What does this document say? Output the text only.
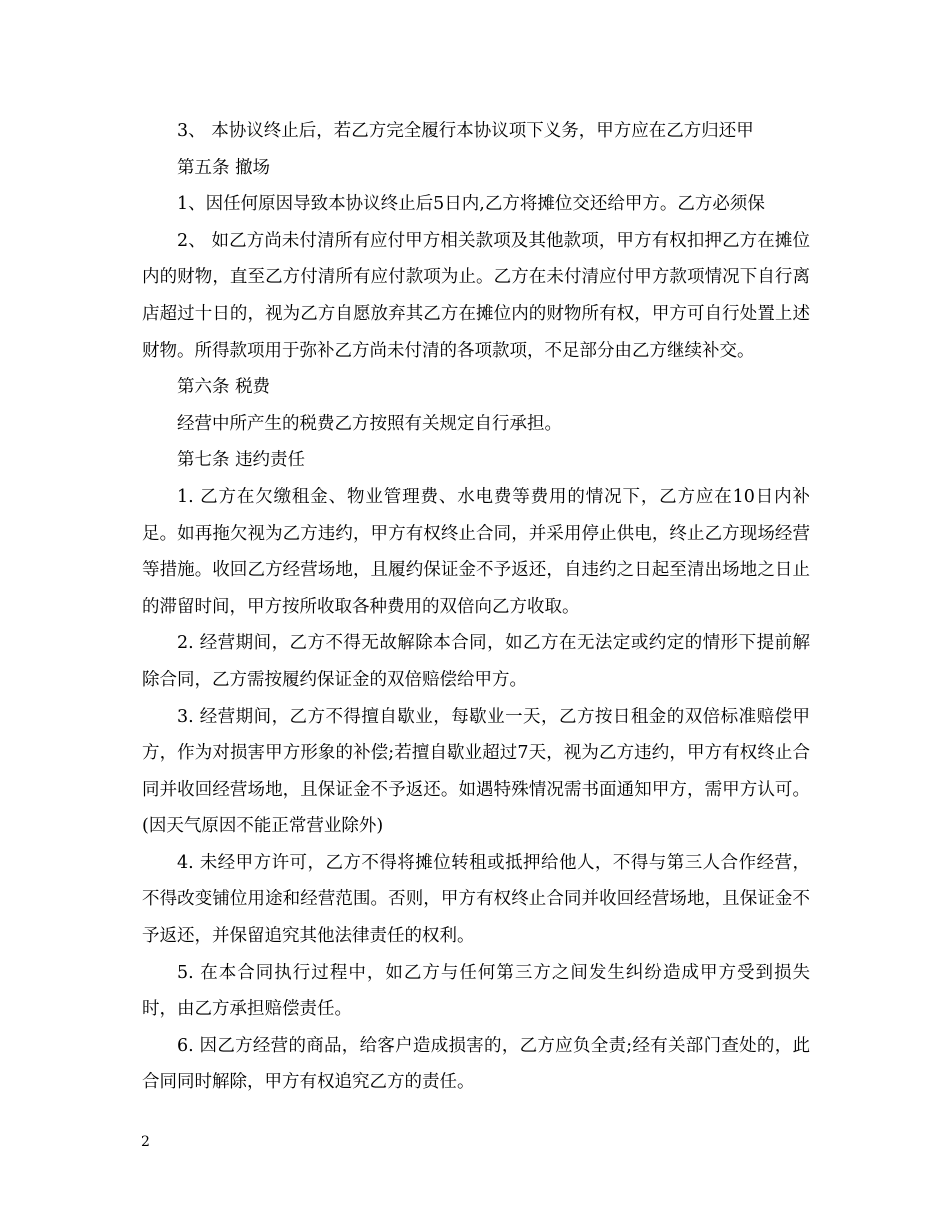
3、 本协议终止后，若乙方完全履行本协议项下义务，甲方应在乙方归还甲

第五条 撤场

1、因任何原因导致本协议终止后5日内,乙方将摊位交还给甲方。乙方必须保

2、 如乙方尚未付清所有应付甲方相关款项及其他款项，甲方有权扣押乙方在摊位内的财物，直至乙方付清所有应付款项为止。乙方在未付清应付甲方款项情况下自行离店超过十日的，视为乙方自愿放弃其乙方在摊位内的财物所有权，甲方可自行处置上述财物。所得款项用于弥补乙方尚未付清的各项款项，不足部分由乙方继续补交。

第六条 税费

经营中所产生的税费乙方按照有关规定自行承担。

第七条 违约责任

1. 乙方在欠缴租金、物业管理费、水电费等费用的情况下，乙方应在10日内补足。如再拖欠视为乙方违约，甲方有权终止合同，并采用停止供电，终止乙方现场经营等措施。收回乙方经营场地，且履约保证金不予返还，自违约之日起至清出场地之日止的滞留时间，甲方按所收取各种费用的双倍向乙方收取。

2. 经营期间，乙方不得无故解除本合同，如乙方在无法定或约定的情形下提前解除合同，乙方需按履约保证金的双倍赔偿给甲方。

3. 经营期间，乙方不得擅自歇业，每歇业一天，乙方按日租金的双倍标准赔偿甲方，作为对损害甲方形象的补偿;若擅自歇业超过7天，视为乙方违约，甲方有权终止合同并收回经营场地，且保证金不予返还。如遇特殊情况需书面通知甲方，需甲方认可。(因天气原因不能正常营业除外)

4. 未经甲方许可，乙方不得将摊位转租或抵押给他人，不得与第三人合作经营，不得改变铺位用途和经营范围。否则，甲方有权终止合同并收回经营场地，且保证金不予返还，并保留追究其他法律责任的权利。

5. 在本合同执行过程中，如乙方与任何第三方之间发生纠纷造成甲方受到损失时，由乙方承担赔偿责任。

6. 因乙方经营的商品，给客户造成损害的，乙方应负全责;经有关部门查处的，此合同同时解除，甲方有权追究乙方的责任。

2
